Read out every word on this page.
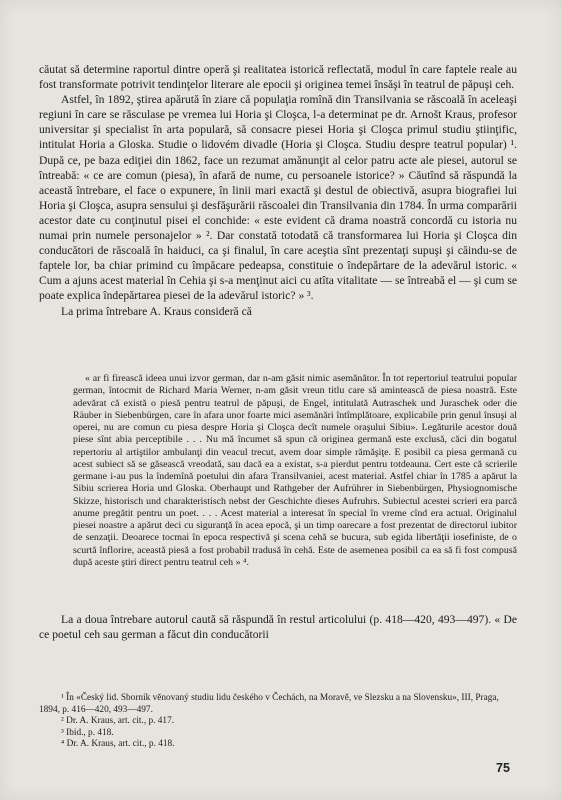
căutat să determine raportul dintre operă şi realitatea istorică reflectată, modul în care faptele reale au fost transformate potrivit tendinţelor literare ale epocii şi originea temei însăşi în teatrul de păpuşi ceh.

Astfel, în 1892, ştirea apărută în ziare că populaţia romînă din Transilvania se răscoală în aceleaşi regiuni în care se răsculase pe vremea lui Horia şi Cloşca, l-a determinat pe dr. Arnošt Kraus, profesor universitar şi specialist în arta populară, să consacre piesei Horia şi Cloşca primul studiu ştiinţific, intitulat Horia a Gloska. Studie o lidovém divadle (Horia şi Cloşca. Studiu despre teatrul popular) ¹. După ce, pe baza ediţiei din 1862, face un rezumat amănunţit al celor patru acte ale piesei, autorul se întreabă: « ce are comun (piesa), în afară de nume, cu persoanele istorice? » Căutînd să răspundă la această întrebare, el face o expunere, în linii mari exactă şi destul de obiectivă, asupra biografiei lui Horia şi Cloşca, asupra sensului şi desfăşurării răscoalei din Transilvania din 1784. În urma comparării acestor date cu conţinutul pisei el conchide: « este evident că drama noastră concordă cu istoria nu numai prin numele personajelor » ². Dar constată totodată că transformarea lui Horia şi Cloşca din conducători de răscoală în haiduci, ca şi finalul, în care aceştia sînt prezentaţi supuşi şi căindu-se de faptele lor, ba chiar primind cu împăcare pedeapsa, constituie o îndepărtare de la adevărul istoric. « Cum a ajuns acest material în Cehia şi s-a menţinut aici cu atîta vitalitate — se întreabă el — şi cum se poate explica îndepărtarea piesei de la adevărul istoric? » ³.

La prima întrebare A. Kraus consideră că

« ar fi firească ideea unui izvor german, dar n-am găsit nimic asemănător. În tot repertoriul teatrului popular german, întocmit de Richard Maria Werner, n-am găsit vreun titlu care să amintească de piesa noastră. Este adevărat că există o piesă pentru teatrul de păpuşi, de Engel, intitulată Autraschek und Juraschek oder die Räuber in Siebenbürgen, care în afara unor foarte mici asemănări întîmplătoare, explicabile prin genul însuşi al operei, nu are comun cu piesa despre Horia şi Cloşca decît numele oraşului Sibiu». Legăturile acestor două piese sînt abia perceptibile . . . Nu mă încumet să spun că originea germană este exclusă, căci din bogatul repertoriu al artiştilor ambulanţi din veacul trecut, avem doar simple rămăşiţe. E posibil ca piesa germană cu acest subiect să se găsească vreodată, sau dacă ea a existat, s-a pierdut pentru totdeauna. Cert este că scrierile germane i-au pus la îndemînă poetului din afara Transilvaniei, acest material. Astfel chiar în 1785 a apărut la Sibiu scrierea Horia und Gloska. Oberhaupt und Rathgeber der Aufrührer in Siebenbürgen, Physiognomische Skizze, historisch und charakteristisch nebst der Geschichte dieses Aufruhrs. Subiectul acestei scrieri era parcă anume pregătit pentru un poet. . . . Acest material a interesat în special în vreme cînd era actual. Originalul piesei noastre a apărut deci cu siguranţă în acea epocă, şi un timp oarecare a fost prezentat de directorul iubitor de senzaţii. Deoarece tocmai în epoca respectivă şi scena cehă se bucura, sub egida libertăţii iosefiniste, de o scurtă înflorire, această piesă a fost probabil tradusă în cehă. Este de asemenea posibil ca ea să fi fost compusă după aceste ştiri direct pentru teatrul ceh » ⁴.

La a doua întrebare autorul caută să răspundă în restul articolului (p. 418—420, 493—497). « De ce poetul ceh sau german a făcut din conducătorii

¹ În «Český lid. Sborník věnovaný studiu lidu českého v Čechách, na Moravě, ve Slezsku a na Slovensku», III, Praga, 1894, p. 416—420, 493—497.

² Dr. A. Kraus, art. cit., p. 417.

³ Ibid., p. 418.

⁴ Dr. A. Kraus, art. cit., p. 418.

75
